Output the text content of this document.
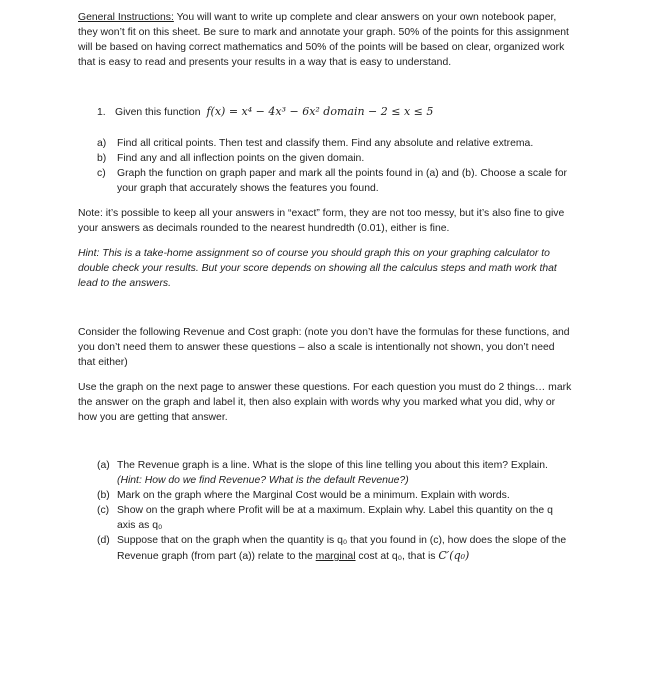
General Instructions: You will want to write up complete and clear answers on your own notebook paper, they won’t fit on this sheet. Be sure to mark and annotate your graph. 50% of the points for this assignment will be based on having correct mathematics and 50% of the points will be based on clear, organized work that is easy to read and presents your results in a way that is easy to understand.

1. Given this function f(x) = x⁴ − 4x³ − 6x² domain − 2 ≤ x ≤ 5

a) Find all critical points. Then test and classify them. Find any absolute and relative extrema.
b) Find any and all inflection points on the given domain.
c) Graph the function on graph paper and mark all the points found in (a) and (b). Choose a scale for your graph that accurately shows the features you found.

Note: it’s possible to keep all your answers in “exact” form, they are not too messy, but it’s also fine to give your answers as decimals rounded to the nearest hundredth (0.01), either is fine.

Hint: This is a take-home assignment so of course you should graph this on your graphing calculator to double check your results. But your score depends on showing all the calculus steps and math work that lead to the answers.

Consider the following Revenue and Cost graph: (note you don’t have the formulas for these functions, and you don’t need them to answer these questions – also a scale is intentionally not shown, you don’t need that either)

Use the graph on the next page to answer these questions. For each question you must do 2 things… mark the answer on the graph and label it, then also explain with words why you marked what you did, why or how you are getting that answer.

(a) The Revenue graph is a line. What is the slope of this line telling you about this item? Explain.
(Hint: How do we find Revenue? What is the default Revenue?)
(b) Mark on the graph where the Marginal Cost would be a minimum. Explain with words.
(c) Show on the graph where Profit will be at a maximum. Explain why. Label this quantity on the q axis as q₀
(d) Suppose that on the graph when the quantity is q₀ that you found in (c), how does the slope of the Revenue graph (from part (a)) relate to the marginal cost at q₀, that is C′(q₀)
